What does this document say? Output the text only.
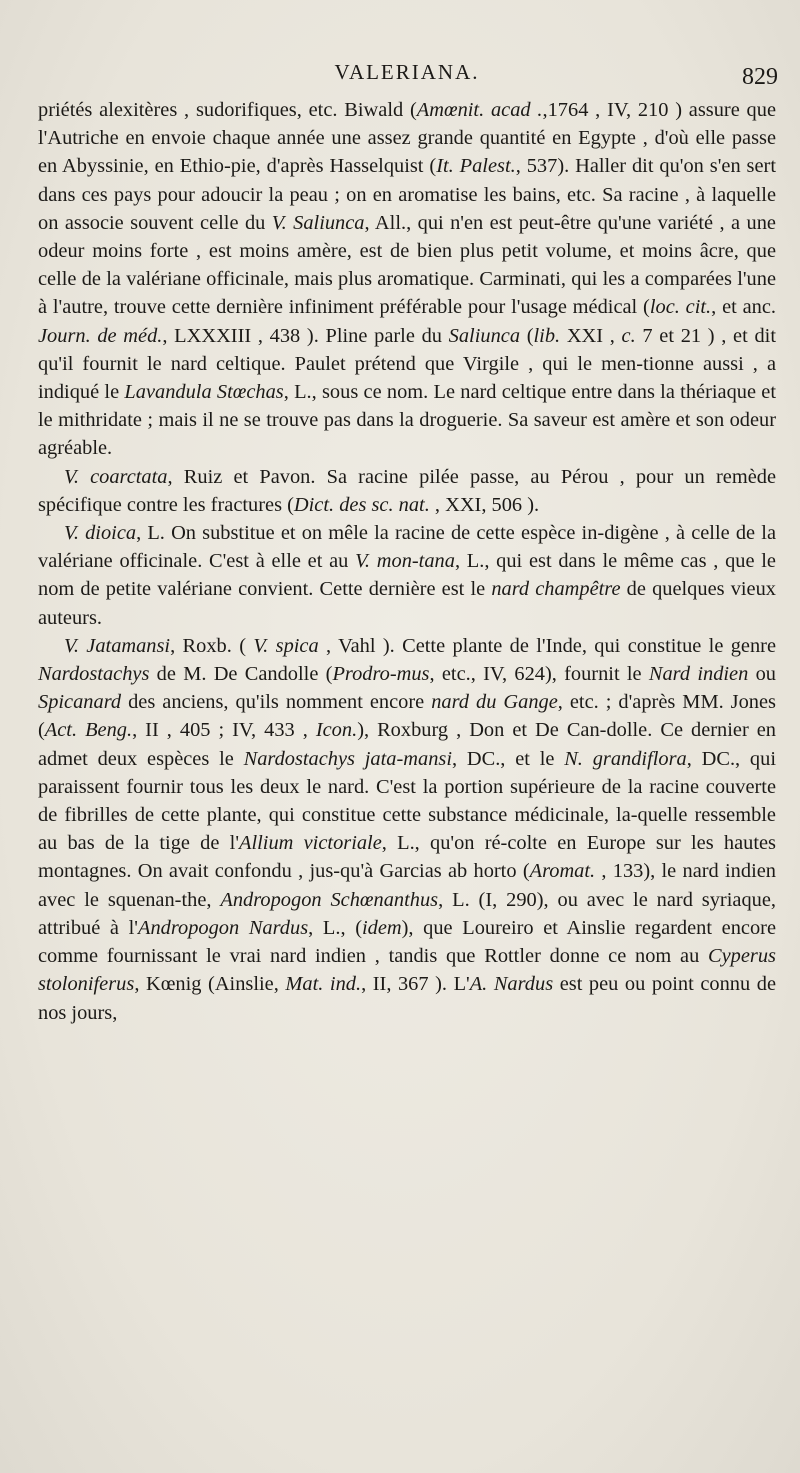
VALERIANA.	829

priétés alexitères , sudorifiques, etc. Biwald (Amœnit. acad .,1764 , IV, 210 ) assure que l'Autriche en envoie chaque année une assez grande quantité en Egypte , d'où elle passe en Abyssinie, en Ethio-pie, d'après Hasselquist (It. Palest., 537). Haller dit qu'on s'en sert dans ces pays pour adoucir la peau ; on en aromatise les bains, etc. Sa racine , à laquelle on associe souvent celle du V. Saliunca, All., qui n'en est peut-être qu'une variété , a une odeur moins forte , est moins amère, est de bien plus petit volume, et moins âcre, que celle de la valériane officinale, mais plus aromatique. Carminati, qui les a comparées l'une à l'autre, trouve cette dernière infiniment préférable pour l'usage médical (loc. cit., et anc. Journ. de méd., LXXXIII , 438 ). Pline parle du Saliunca (lib. XXI , c. 7 et 21 ) , et dit qu'il fournit le nard celtique. Paulet prétend que Virgile , qui le men-tionne aussi , a indiqué le Lavandula Stœchas, L., sous ce nom. Le nard celtique entre dans la thériaque et le mithridate ; mais il ne se trouve pas dans la droguerie. Sa saveur est amère et son odeur agréable.

V. coarctata, Ruiz et Pavon. Sa racine pilée passe, au Pérou , pour un remède spécifique contre les fractures (Dict. des sc. nat. , XXI, 506 ).

V. dioica, L. On substitue et on mêle la racine de cette espèce in-digène , à celle de la valériane officinale. C'est à elle et au V. mon-tana, L., qui est dans le même cas , que le nom de petite valériane convient. Cette dernière est le nard champêtre de quelques vieux auteurs.

V. Jatamansi, Roxb. ( V. spica , Vahl ). Cette plante de l'Inde, qui constitue le genre Nardostachys de M. De Candolle (Prodro-mus, etc., IV, 624), fournit le Nard indien ou Spicanard des anciens, qu'ils nomment encore nard du Gange, etc. ; d'après MM. Jones (Act. Beng., II , 405 ; IV, 433 , Icon.), Roxburg , Don et De Can-dolle. Ce dernier en admet deux espèces le Nardostachys jata-mansi, DC., et le N. grandiflora, DC., qui paraissent fournir tous les deux le nard. C'est la portion supérieure de la racine couverte de fibrilles de cette plante, qui constitue cette substance médicinale, la-quelle ressemble au bas de la tige de l'Allium victoriale, L., qu'on ré-colte en Europe sur les hautes montagnes. On avait confondu , jus-qu'à Garcias ab horto (Aromat. , 133), le nard indien avec le squenan-the, Andropogon Schœnanthus, L. (I, 290), ou avec le nard syriaque, attribué à l'Andropogon Nardus, L., (idem), que Loureiro et Ainslie regardent encore comme fournissant le vrai nard indien , tandis que Rottler donne ce nom au Cyperus stoloniferus, Kœnig (Ainslie, Mat. ind., II, 367 ). L'A. Nardus est peu ou point connu de nos jours,
